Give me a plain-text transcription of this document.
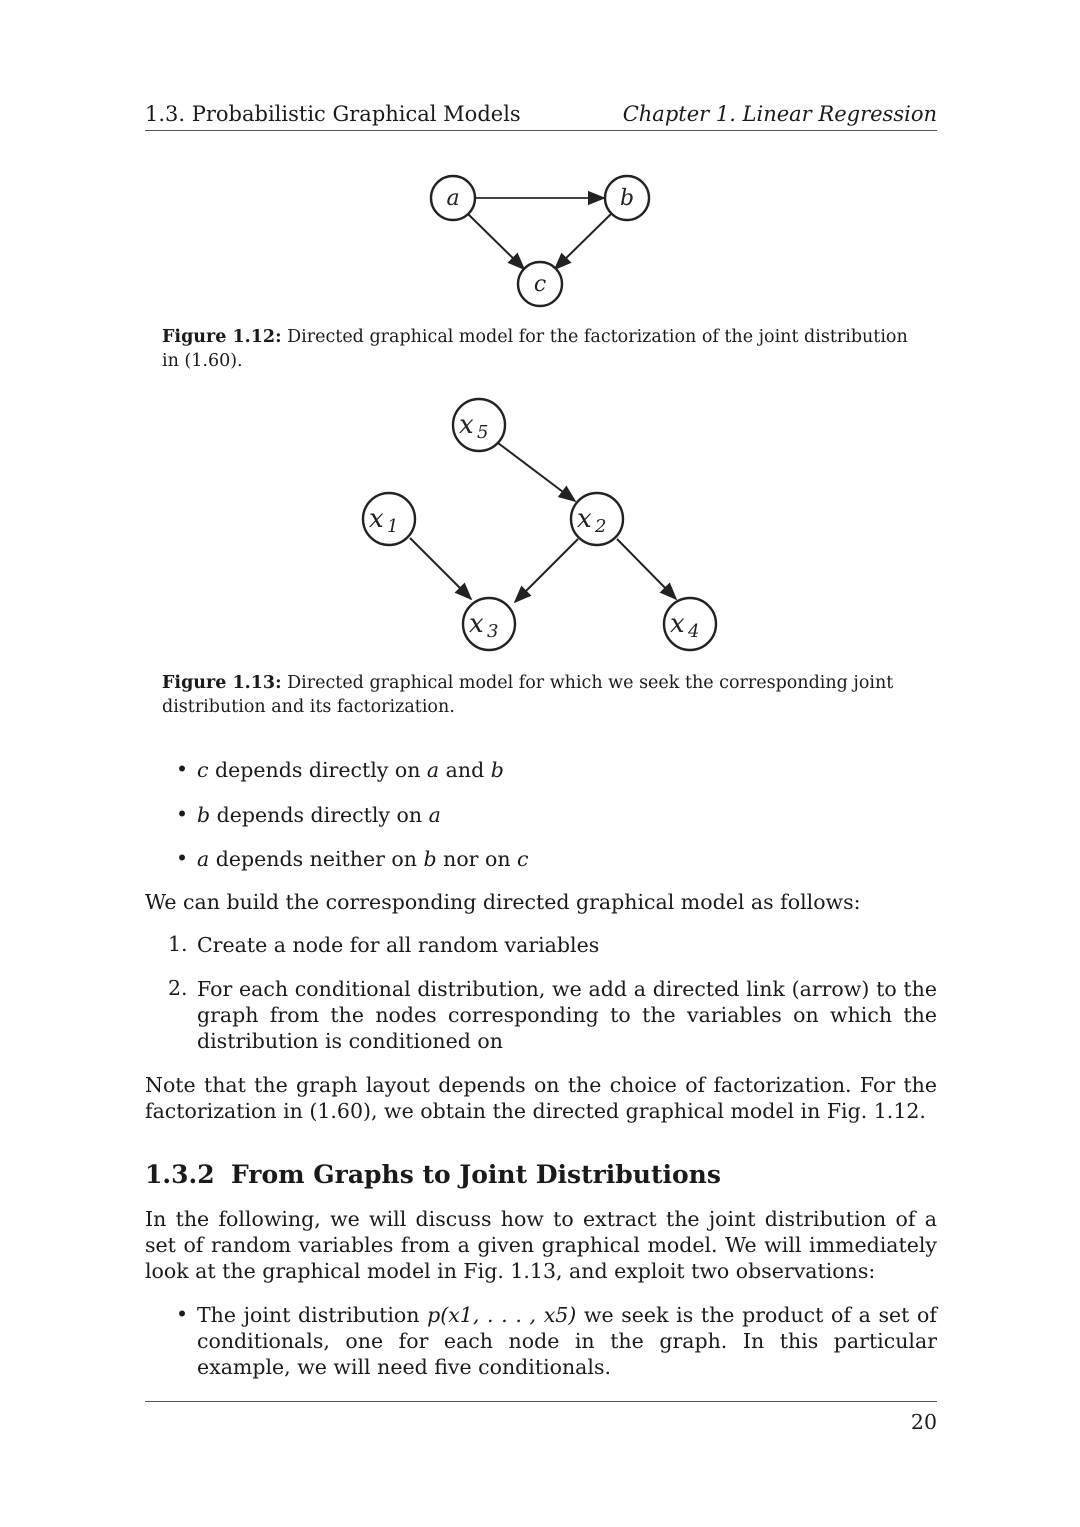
1.3. Probabilistic Graphical Models	Chapter 1. Linear Regression
a	b
c
Figure 1.12: Directed graphical model for the factorization of the joint distribution in (1.60).
x 5
x 1	x 2
x 3	x 4
Figure 1.13: Directed graphical model for which we seek the corresponding joint distribution and its factorization.
• c depends directly on a and b
• b depends directly on a
• a depends neither on b nor on c
We can build the corresponding directed graphical model as follows:
1. Create a node for all random variables
2. For each conditional distribution, we add a directed link (arrow) to the graph from the nodes corresponding to the variables on which the distribution is conditioned on
Note that the graph layout depends on the choice of factorization. For the factorization in (1.60), we obtain the directed graphical model in Fig. 1.12.
1.3.2 From Graphs to Joint Distributions
In the following, we will discuss how to extract the joint distribution of a set of random variables from a given graphical model. We will immediately look at the graphical model in Fig. 1.13, and exploit two observations:
• The joint distribution p(x1, . . . , x5) we seek is the product of a set of conditionals, one for each node in the graph. In this particular example, we will need five conditionals.
20
